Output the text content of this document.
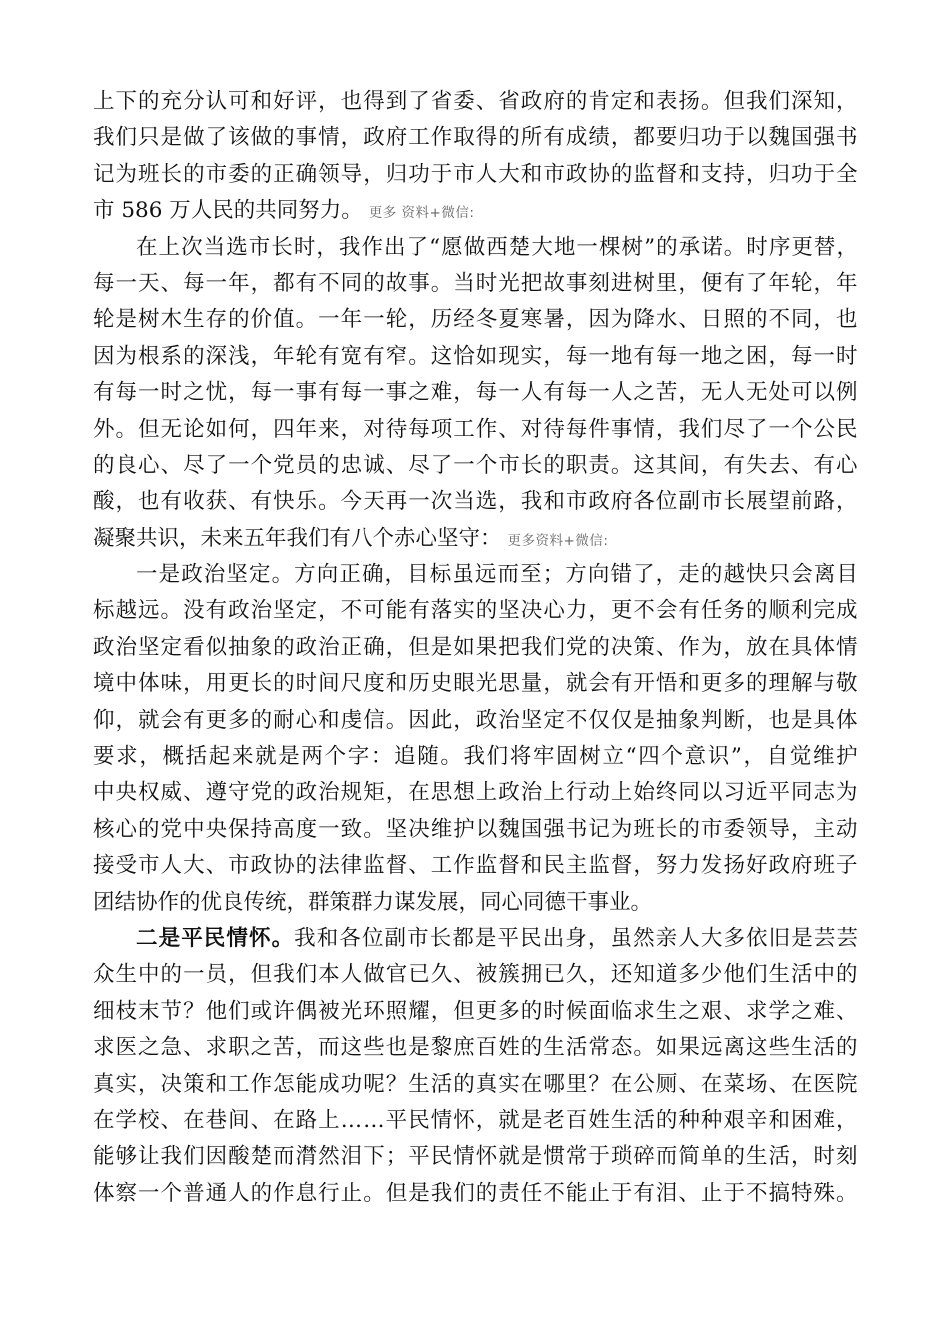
上 下 的 充 分 认 可 和 好 评 ， 也 得 到 了 省 委 、 省 政 府 的 肯 定 和 表 扬 。 但 我 们 深 知 ，
我 们 只 是 做 了 该 做 的 事 情 ， 政 府 工 作 取 得 的 所 有 成 绩 ， 都 要 归 功 于 以 魏 国 强 书
记 为 班 长 的 市 委 的 正 确 领 导 ， 归 功 于 市 人 大 和 市 政 协 的 监 督 和 支 持 ， 归 功 于 全
市 586 万人民的共同努力。 更多 资料+微信:
在 上 次 当 选 市 长 时 ， 我 作 出 了 “ 愿 做 西 楚 大 地 一 棵 树 ” 的 承 诺 。 时 序 更 替 ，
每 一 天 、 每 一 年 ， 都 有 不 同 的 故 事 。 当 时 光 把 故 事 刻 进 树 里 ， 便 有 了 年 轮 ， 年
轮 是 树 木 生 存 的 价 值 。 一 年 一 轮 ， 历 经 冬 夏 寒 暑 ， 因 为 降 水 、 日 照 的 不 同 ， 也
因 为 根 系 的 深 浅 ， 年 轮 有 宽 有 窄 。 这 恰 如 现 实 ， 每 一 地 有 每 一 地 之 困 ， 每 一 时
有 每 一 时 之 忧 ， 每 一 事 有 每 一 事 之 难 ， 每 一 人 有 每 一 人 之 苦 ， 无 人 无 处 可 以 例
外 。 但 无 论 如 何 ， 四 年 来 ， 对 待 每 项 工 作 、 对 待 每 件 事 情 ， 我 们 尽 了 一 个 公 民
的 良 心 、 尽 了 一 个 党 员 的 忠 诚 、 尽 了 一 个 市 长 的 职 责 。 这 其 间 ， 有 失 去 、 有 心
酸 ， 也 有 收 获 、 有 快 乐 。 今 天 再 一 次 当 选 ， 我 和 市 政 府 各 位 副 市 长 展 望 前 路 ，
凝聚共识，未来五年我们有八个赤心坚守： 更多资料+微信:
一 是 政 治 坚 定 。 方 向 正 确 ， 目 标 虽 远 而 至 ； 方 向 错 了 ， 走 的 越 快 只 会 离 目
标 越 远 。 没 有 政 治 坚 定 ， 不 可 能 有 落 实 的 坚 决 心 力 ， 更 不 会 有 任 务 的 顺 利 完 成
政 治 坚 定 看 似 抽 象 的 政 治 正 确 ， 但 是 如 果 把 我 们 党 的 决 策 、 作 为 ， 放 在 具 体 情
境 中 体 味 ， 用 更 长 的 时 间 尺 度 和 历 史 眼 光 思 量 ， 就 会 有 开 悟 和 更 多 的 理 解 与 敬
仰 ， 就 会 有 更 多 的 耐 心 和 虔 信 。 因 此 ， 政 治 坚 定 不 仅 仅 是 抽 象 判 断 ， 也 是 具 体
要 求 ， 概 括 起 来 就 是 两 个 字 ： 追 随 。 我 们 将 牢 固 树 立 “ 四 个 意 识 ” ， 自 觉 维 护
中 央 权 威 、 遵 守 党 的 政 治 规 矩 ， 在 思 想 上 政 治 上 行 动 上 始 终 同 以 习 近 平 同 志 为
核 心 的 党 中 央 保 持 高 度 一 致 。 坚 决 维 护 以 魏 国 强 书 记 为 班 长 的 市 委 领 导 ， 主 动
接 受 市 人 大 、 市 政 协 的 法 律 监 督 、 工 作 监 督 和 民 主 监 督 ， 努 力 发 扬 好 政 府 班 子
团结协作的优良传统，群策群力谋发展，同心同德干事业。
二 是 平 民 情 怀 。 我 和 各 位 副 市 长 都 是 平 民 出 身 ， 虽 然 亲 人 大 多 依 旧 是 芸 芸
众 生 中 的 一 员 ， 但 我 们 本 人 做 官 已 久 、 被 簇 拥 已 久 ， 还 知 道 多 少 他 们 生 活 中 的
细 枝 末 节 ？ 他 们 或 许 偶 被 光 环 照 耀 ， 但 更 多 的 时 候 面 临 求 生 之 艰 、 求 学 之 难 、
求 医 之 急 、 求 职 之 苦 ， 而 这 些 也 是 黎 庶 百 姓 的 生 活 常 态 。 如 果 远 离 这 些 生 活 的
真 实 ， 决 策 和 工 作 怎 能 成 功 呢 ？ 生 活 的 真 实 在 哪 里 ？ 在 公 厕 、 在 菜 场 、 在 医 院
在 学 校 、 在 巷 间 、 在 路 上 … … 平 民 情 怀 ， 就 是 老 百 姓 生 活 的 种 种 艰 辛 和 困 难 ，
能 够 让 我 们 因 酸 楚 而 潸 然 泪 下 ； 平 民 情 怀 就 是 惯 常 于 琐 碎 而 简 单 的 生 活 ， 时 刻
体 察 一 个 普 通 人 的 作 息 行 止 。 但 是 我 们 的 责 任 不 能 止 于 有 泪 、 止 于 不 搞 特 殊 。
